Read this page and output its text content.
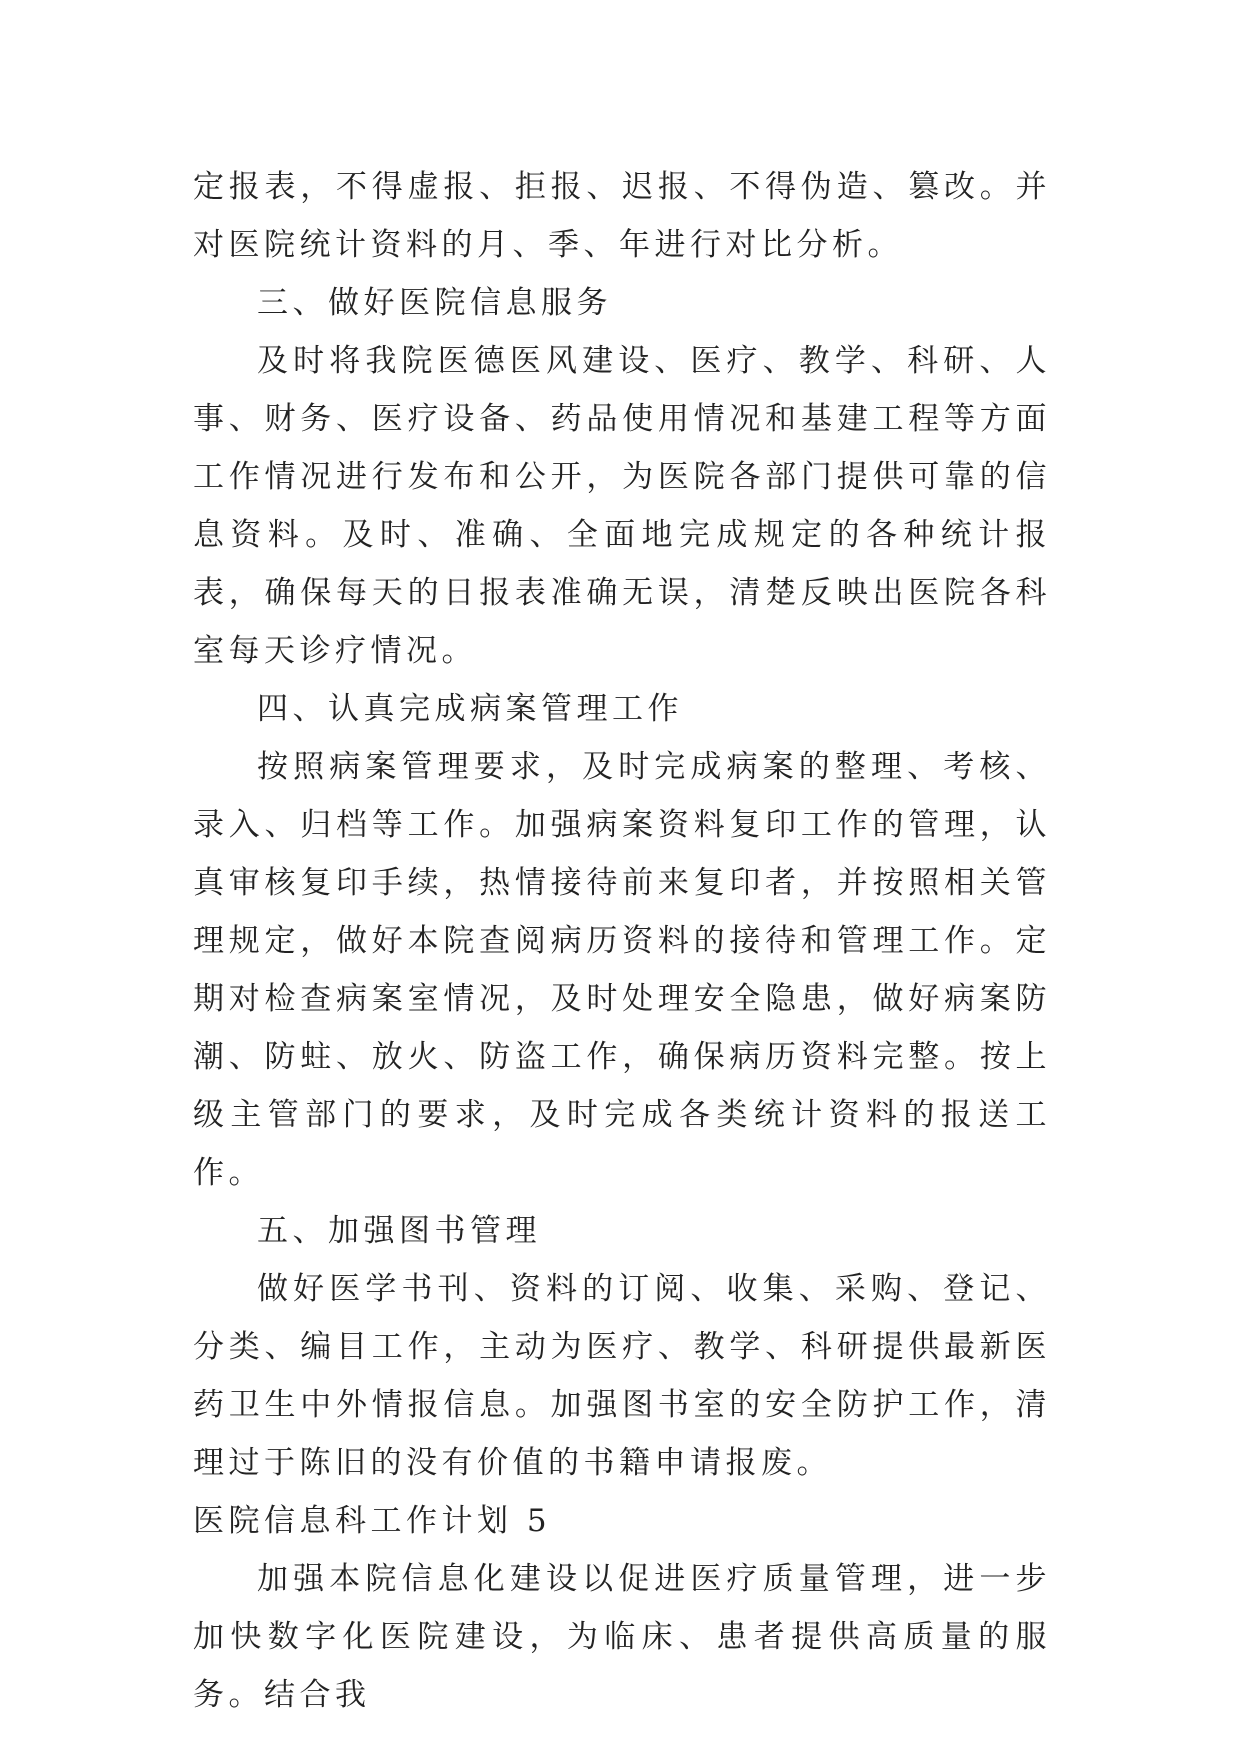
定报表，不得虚报、拒报、迟报、不得伪造、篡改。并对医院统计资料的月、季、年进行对比分析。

三、做好医院信息服务

及时将我院医德医风建设、医疗、教学、科研、人事、财务、医疗设备、药品使用情况和基建工程等方面工作情况进行发布和公开，为医院各部门提供可靠的信息资料。及时、准确、全面地完成规定的各种统计报表，确保每天的日报表准确无误，清楚反映出医院各科室每天诊疗情况。

四、认真完成病案管理工作

按照病案管理要求，及时完成病案的整理、考核、录入、归档等工作。加强病案资料复印工作的管理，认真审核复印手续，热情接待前来复印者，并按照相关管理规定，做好本院查阅病历资料的接待和管理工作。定期对检查病案室情况，及时处理安全隐患，做好病案防潮、防蛀、放火、防盗工作，确保病历资料完整。按上级主管部门的要求，及时完成各类统计资料的报送工作。

五、加强图书管理

做好医学书刊、资料的订阅、收集、采购、登记、分类、编目工作，主动为医疗、教学、科研提供最新医药卫生中外情报信息。加强图书室的安全防护工作，清理过于陈旧的没有价值的书籍申请报废。

医院信息科工作计划 5

加强本院信息化建设以促进医疗质量管理，进一步加快数字化医院建设，为临床、患者提供高质量的服务。结合我
